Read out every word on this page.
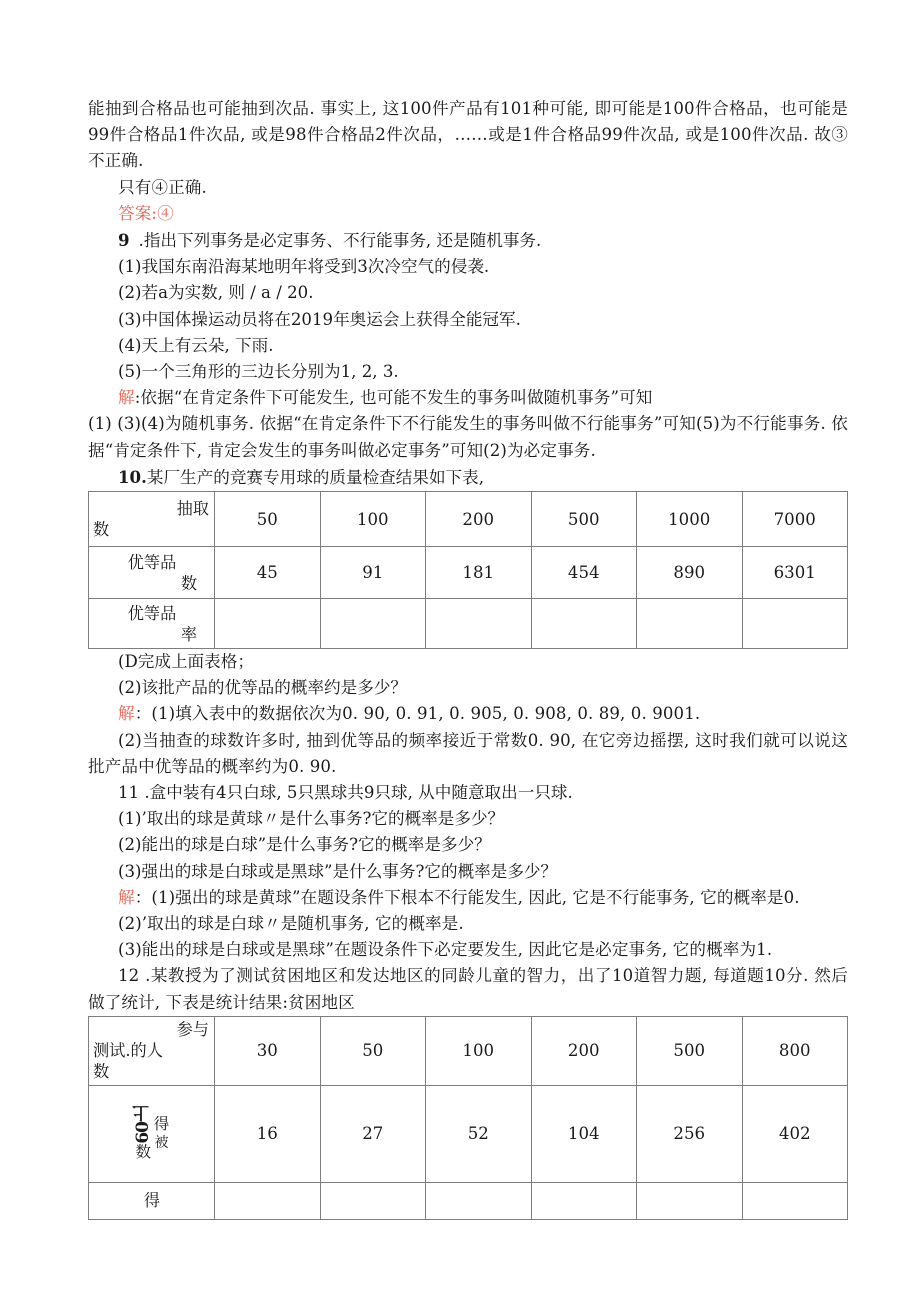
能抽到合格品也可能抽到次品. 事实上, 这100件产品有101种可能, 即可能是100件合格品，也可能是99件合格品1件次品, 或是98件合格品2件次品，……或是1件合格品99件次品, 或是100件次品. 故③不正确.

只有④正确.

答案:④

9 .指出下列事务是必定事务、不行能事务, 还是随机事务.

(1)我国东南沿海某地明年将受到3次冷空气的侵袭.

(2)若a为实数, 则 / a / 20.

(3)中国体操运动员将在2019年奥运会上获得全能冠军.

(4)天上有云朵, 下雨.

(5)一个三角形的三边长分别为1, 2, 3.

解:依据“在肯定条件下可能发生, 也可能不发生的事务叫做随机事务”可知

(1) (3)(4)为随机事务. 依据“在肯定条件下不行能发生的事务叫做不行能事务”可知(5)为不行能事务. 依据“肯定条件下, 肯定会发生的事务叫做必定事务”可知(2)为必定事务.

10.某厂生产的竞赛专用球的质量检查结果如下表,

抽取
数	50	100	200	500	1000	7000

优等品
数	45	91	181	454	890	6301

优等品
率						

(D完成上面表格；

(2)该批产品的优等品的概率约是多少？

解：(1)填入表中的数据依次为0. 90, 0. 91, 0. 905, 0. 908, 0. 89, 0. 9001.

(2)当抽查的球数许多时, 抽到优等品的频率接近于常数0. 90, 在它旁边摇摆, 这时我们就可以说这批产品中优等品的概率约为0. 90.

11 .盒中装有4只白球, 5只黑球共9只球, 从中随意取出一只球.

(1)’取出的球是黄球〃是什么事务?它的概率是多少？

(2)能出的球是白球”是什么事务?它的概率是多少？

(3)强出的球是白球或是黑球”是什么事务?它的概率是多少？

解：(1)强出的球是黄球”在题设条件下根本不行能发生, 因此, 它是不行能事务, 它的概率是0.

(2)’取出的球是白球〃是随机事务, 它的概率是.

(3)能出的球是白球或是黑球”在题设条件下必定要发生, 因此它是必定事务, 它的概率为1.

12 .某教授为了测试贫困地区和发达地区的同龄儿童的智力，出了10道智力题, 每道题10分. 然后做了统计, 下表是统计结果:贫困地区

参与
测试.的人
数	30	50	100	200	500	800

60上
数
得
被	16	27	52	104	256	402

得						
